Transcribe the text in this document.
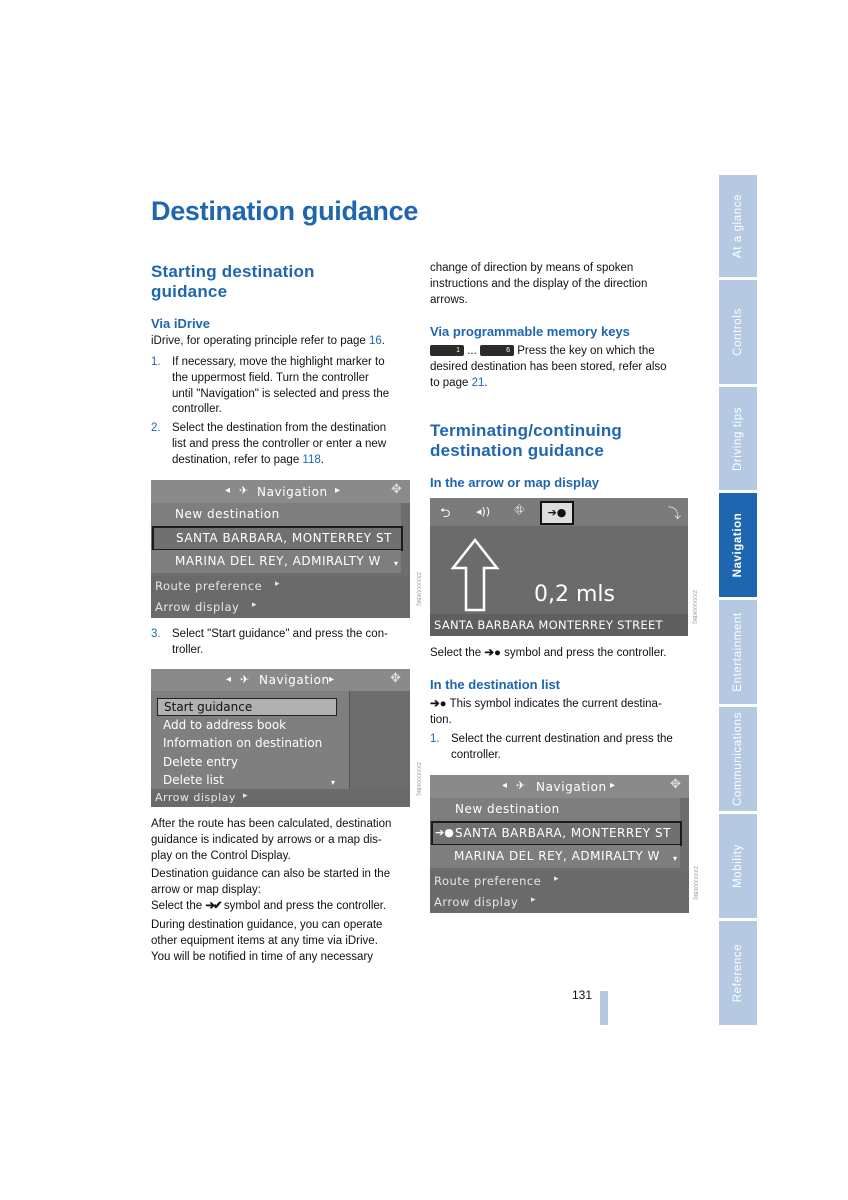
Destination guidance
Starting destination
guidance
Via iDrive
iDrive, for operating principle refer to page 16.
1. If necessary, move the highlight marker to
the uppermost field. Turn the controller
until "Navigation" is selected and press the
controller.
2. Select the destination from the destination
list and press the controller or enter a new
destination, refer to page 118.
◂ ✈ Navigation ▸	✥
New destination
SANTA BARBARA, MONTERREY ST
MARINA DEL REY, ADMIRALTY W ▾
Route preference ▸
Arrow display ▸	ZXXXXX/KBKJ
3. Select "Start guidance" and press the con-
troller.
◂ ✈ Navigation ▸	✥
Start guidance
Add to address book
Information on destination
Delete entry
Delete list	▾
Arrow display ▸
ZXXXXX/KBKJ
After the route has been calculated, destination
guidance is indicated by arrows or a map dis-
play on the Control Display.
Destination guidance can also be started in the
arrow or map display:
Select the ➔✔ symbol and press the controller.
During destination guidance, you can operate
other equipment items at any time via iDrive.
You will be notified in time of any necessary
change of direction by means of spoken
instructions and the display of the direction
arrows.
Via programmable memory keys
1 ...	6 Press the key on which the
desired destination has been stored, refer also
to page 21.
Terminating/continuing
destination guidance
In the arrow or map display
⮌ ◂)) ⛗	➔●	⤵
0,2 mls
SANTA BARBARA MONTERREY STREET
ZXXXXX/KBKJ
Select the ➔● symbol and press the controller.
In the destination list
➔● This symbol indicates the current destina-
tion.
1. Select the current destination and press the
controller.
◂ ✈ Navigation ▸	✥
New destination
➔● SANTA BARBARA, MONTERREY ST
MARINA DEL REY, ADMIRALTY W ▾
Route preference ▸
Arrow display ▸
ZXXXXX/KBKJ
At a glance
Controls
Driving tips
Navigation
Entertainment
Communications
Mobility
Reference
131
